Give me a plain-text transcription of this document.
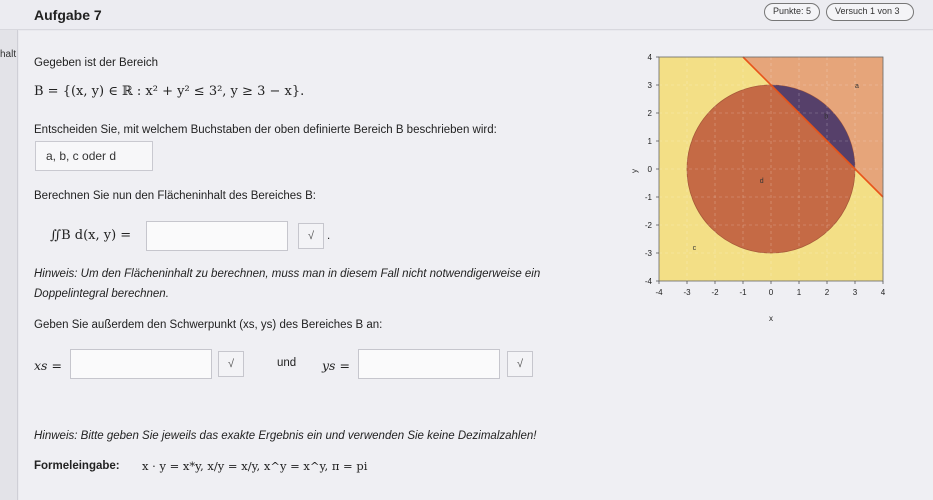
Aufgabe 7	Punkte: 5	Versuch 1 von 3
halt
Gegeben ist der Bereich
B = {(x, y) ∈ ℝ : x² + y² ≤ 3², y ≥ 3 − x}.
Entscheiden Sie, mit welchem Buchstaben der oben definierte Bereich B beschrieben wird:
a, b, c oder d
Berechnen Sie nun den Flächeninhalt des Bereiches B:
∬B d(x, y) =	√	.
Hinweis: Um den Flächeninhalt zu berechnen, muss man in diesem Fall nicht notwendigerweise ein
Doppelintegral berechnen.
Geben Sie außerdem den Schwerpunkt (xs, ys) des Bereiches B an:
xs =	√	und ys =	√
Hinweis: Bitte geben Sie jeweils das exakte Ergebnis ein und verwenden Sie keine Dezimalzahlen!
Formeleingabe: x · y = x*y, x/y = x/y, x^y = x^y, π = pi
a
b
c
d
-4	-3	-2	-1	0	1	2	3	4
4
3
2
1
0
-1
-2
-3
-4
x
y
